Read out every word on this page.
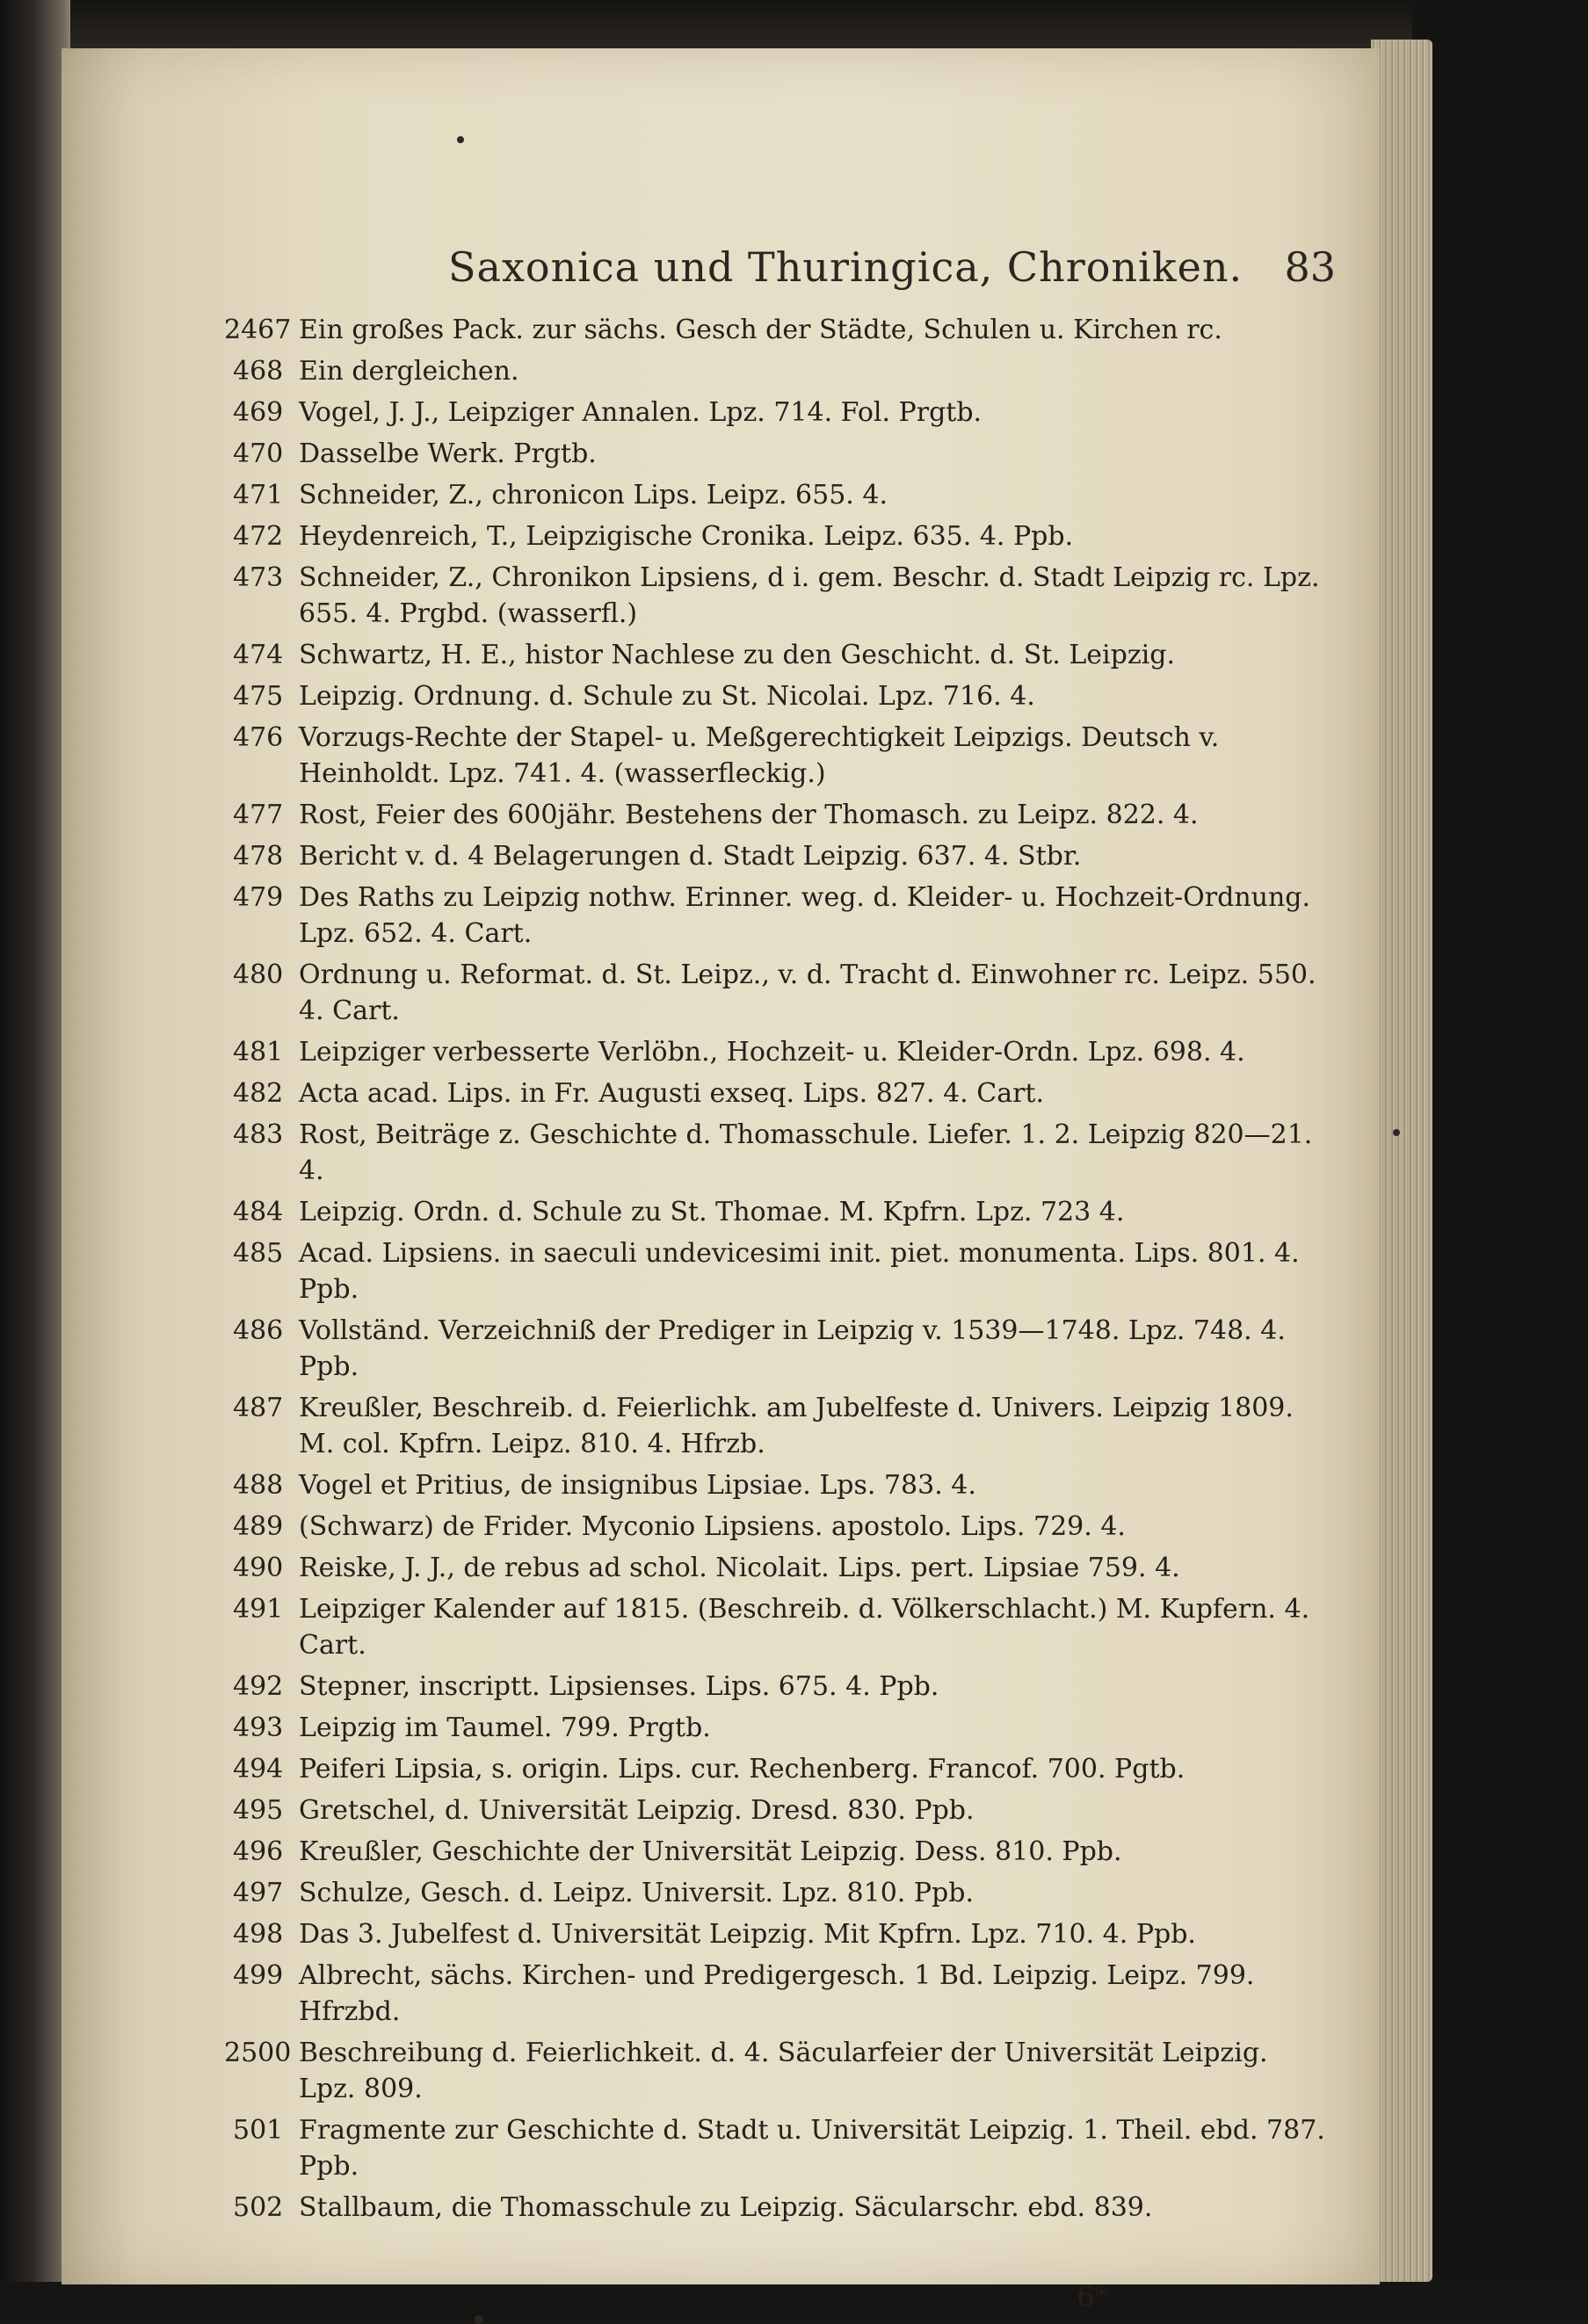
Saxonica und Thuringica, Chroniken. 83
2467 Ein großes Pack. zur sächs. Gesch der Städte, Schulen u. Kirchen rc.
468 Ein dergleichen.
469 Vogel, J. J., Leipziger Annalen. Lpz. 714. Fol. Prgtb.
470 Dasselbe Werk. Prgtb.
471 Schneider, Z., chronicon Lips. Leipz. 655. 4.
472 Heydenreich, T., Leipzigische Cronika. Leipz. 635. 4. Ppb.
473 Schneider, Z., Chronikon Lipsiens, d i. gem. Beschr. d. Stadt Leipzig rc. Lpz. 655. 4. Prgbd. (wasserfl.)
474 Schwartz, H. E., histor Nachlese zu den Geschicht. d. St. Leipzig.
475 Leipzig. Ordnung. d. Schule zu St. Nicolai. Lpz. 716. 4.
476 Vorzugs-Rechte der Stapel- u. Meßgerechtigkeit Leipzigs. Deutsch v. Heinholdt. Lpz. 741. 4. (wasserfleckig.)
477 Rost, Feier des 600jähr. Bestehens der Thomasch. zu Leipz. 822. 4.
478 Bericht v. d. 4 Belagerungen d. Stadt Leipzig. 637. 4. Stbr.
479 Des Raths zu Leipzig nothw. Erinner. weg. d. Kleider- u. Hochzeit-Ordnung. Lpz. 652. 4. Cart.
480 Ordnung u. Reformat. d. St. Leipz., v. d. Tracht d. Einwohner rc. Leipz. 550. 4. Cart.
481 Leipziger verbesserte Verlöbn., Hochzeit- u. Kleider-Ordn. Lpz. 698. 4.
482 Acta acad. Lips. in Fr. Augusti exseq. Lips. 827. 4. Cart.
483 Rost, Beiträge z. Geschichte d. Thomasschule. Liefer. 1. 2. Leipzig 820—21. 4.
484 Leipzig. Ordn. d. Schule zu St. Thomae. M. Kpfrn. Lpz. 723 4.
485 Acad. Lipsiens. in saeculi undevicesimi init. piet. monumenta. Lips. 801. 4. Ppb.
486 Vollständ. Verzeichniß der Prediger in Leipzig v. 1539—1748. Lpz. 748. 4. Ppb.
487 Kreußler, Beschreib. d. Feierlichk. am Jubelfeste d. Univers. Leipzig 1809. M. col. Kpfrn. Leipz. 810. 4. Hfrzb.
488 Vogel et Pritius, de insignibus Lipsiae. Lps. 783. 4.
489 (Schwarz) de Frider. Myconio Lipsiens. apostolo. Lips. 729. 4.
490 Reiske, J. J., de rebus ad schol. Nicolait. Lips. pert. Lipsiae 759. 4.
491 Leipziger Kalender auf 1815. (Beschreib. d. Völkerschlacht.) M. Kupfern. 4. Cart.
492 Stepner, inscriptt. Lipsienses. Lips. 675. 4. Ppb.
493 Leipzig im Taumel. 799. Prgtb.
494 Peiferi Lipsia, s. origin. Lips. cur. Rechenberg. Francof. 700. Pgtb.
495 Gretschel, d. Universität Leipzig. Dresd. 830. Ppb.
496 Kreußler, Geschichte der Universität Leipzig. Dess. 810. Ppb.
497 Schulze, Gesch. d. Leipz. Universit. Lpz. 810. Ppb.
498 Das 3. Jubelfest d. Universität Leipzig. Mit Kpfrn. Lpz. 710. 4. Ppb.
499 Albrecht, sächs. Kirchen- und Predigergesch. 1 Bd. Leipzig. Leipz. 799. Hfrzbd.
2500 Beschreibung d. Feierlichkeit. d. 4. Säcularfeier der Universität Leipzig. Lpz. 809.
501 Fragmente zur Geschichte d. Stadt u. Universität Leipzig. 1. Theil. ebd. 787. Ppb.
502 Stallbaum, die Thomasschule zu Leipzig. Säcularschr. ebd. 839.
6*
